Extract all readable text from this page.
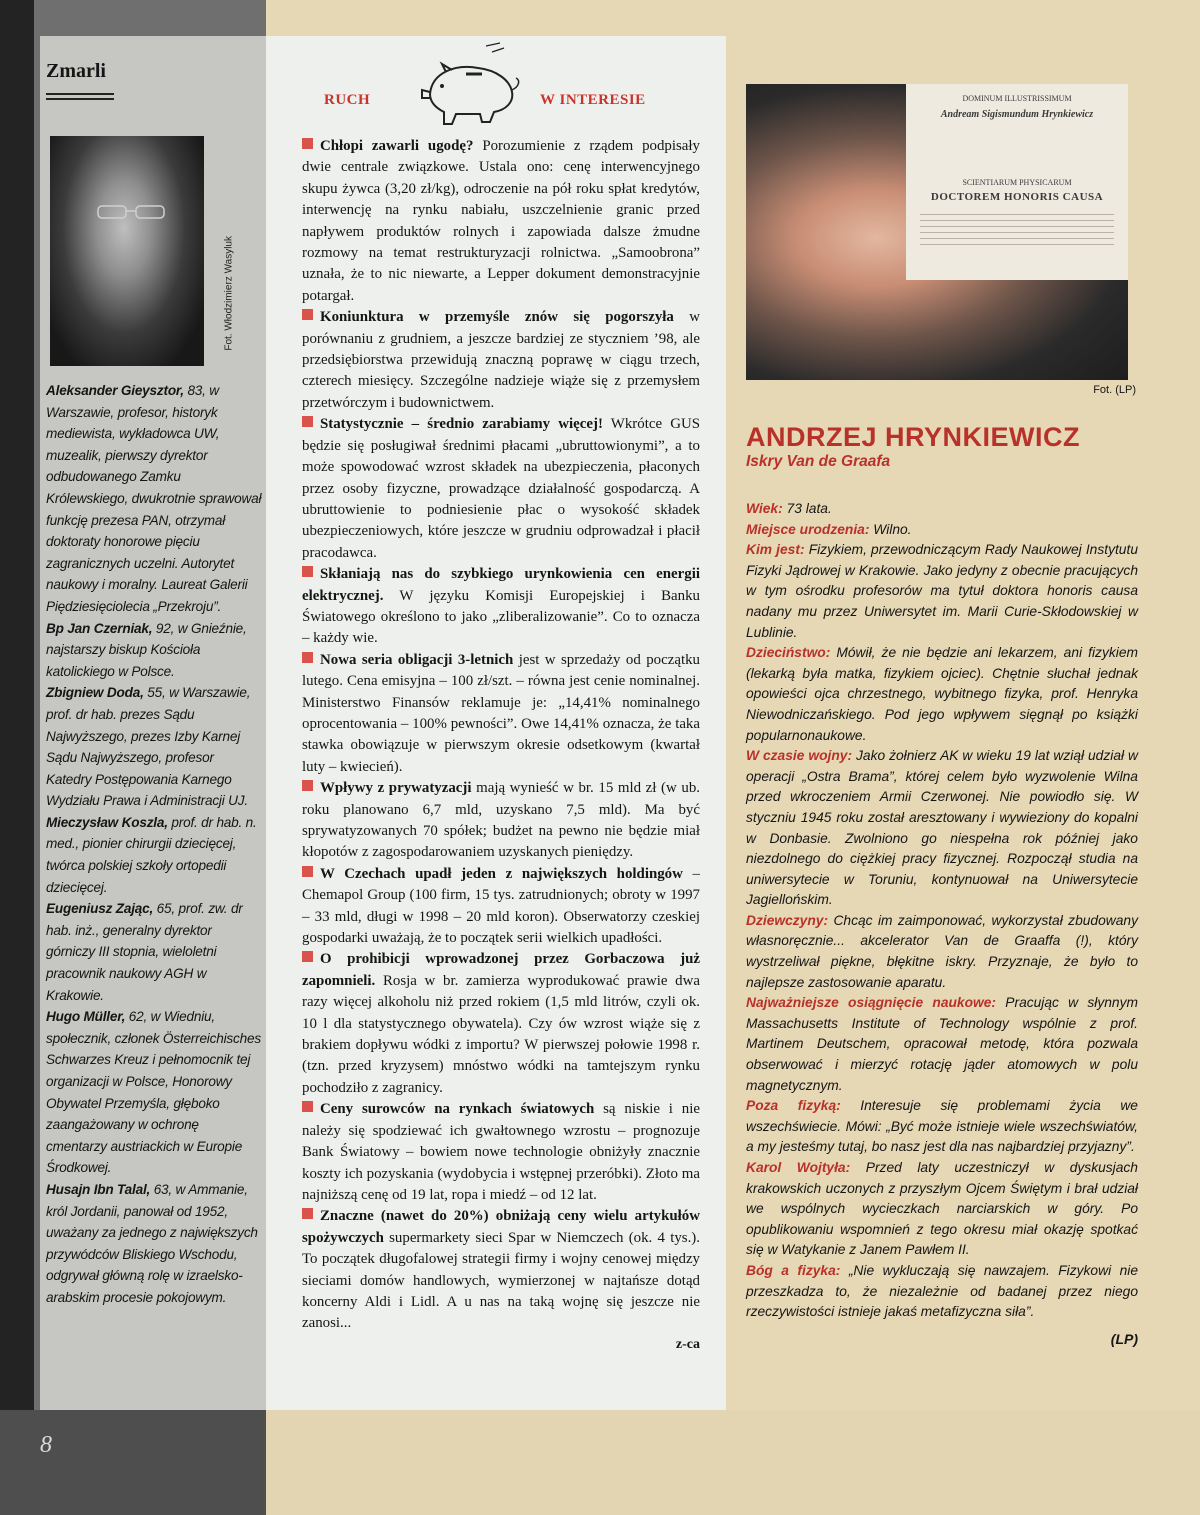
Zmarli
Fot. Włodzimierz Wasyluk

Aleksander Gieysztor, 83, w Warszawie, profesor, historyk mediewista, wykładowca UW, muzealik, pierwszy dyrektor odbudowanego Zamku Królewskiego, dwukrotnie sprawował funkcję prezesa PAN, otrzymał doktoraty honorowe pięciu zagranicznych uczelni. Autorytet naukowy i moralny. Laureat Galerii Piędziesięciolecia „Przekroju”.

Bp Jan Czerniak, 92, w Gnieźnie, najstarszy biskup Kościoła katolickiego w Polsce.

Zbigniew Doda, 55, w Warszawie, prof. dr hab. prezes Sądu Najwyższego, prezes Izby Karnej Sądu Najwyższego, profesor Katedry Postępowania Karnego Wydziału Prawa i Administracji UJ.

Mieczysław Koszla, prof. dr hab. n. med., pionier chirurgii dziecięcej, twórca polskiej szkoły ortopedii dziecięcej.

Eugeniusz Zając, 65, prof. zw. dr hab. inż., generalny dyrektor górniczy III stopnia, wieloletni pracownik naukowy AGH w Krakowie.

Hugo Müller, 62, w Wiedniu, społecznik, członek Österreichisches Schwarzes Kreuz i pełnomocnik tej organizacji w Polsce, Honorowy Obywatel Przemyśla, głęboko zaangażowany w ochronę cmentarzy austriackich w Europie Środkowej.

Husajn Ibn Talal, 63, w Ammanie, król Jordanii, panował od 1952, uważany za jednego z największych przywódców Bliskiego Wschodu, odgrywał główną rolę w izraelsko-arabskim procesie pokojowym.

RUCH	W INTERESIE

Chłopi zawarli ugodę? Porozumienie z rządem podpisały dwie centrale związkowe. Ustala ono: cenę interwencyjnego skupu żywca (3,20 zł/kg), odroczenie na pół roku spłat kredytów, interwencję na rynku nabiału, uszczelnienie granic przed napływem produktów rolnych i zapowiada dalsze żmudne rozmowy na temat restrukturyzacji rolnictwa. „Samoobrona” uznała, że to nic niewarte, a Lepper dokument demonstracyjnie potargał.

Koniunktura w przemyśle znów się pogorszyła w porównaniu z grudniem, a jeszcze bardziej ze styczniem ’98, ale przedsiębiorstwa przewidują znaczną poprawę w ciągu trzech, czterech miesięcy. Szczególne nadzieje wiąże się z przemysłem przetwórczym i budownictwem.

Statystycznie – średnio zarabiamy więcej! Wkrótce GUS będzie się posługiwał średnimi płacami „ubruttowionymi”, a to może spowodować wzrost składek na ubezpieczenia, płaconych przez osoby fizyczne, prowadzące działalność gospodarczą. A ubruttowienie to podniesienie płac o wysokość składek ubezpieczeniowych, które jeszcze w grudniu odprowadzał i płacił pracodawca.

Skłaniają nas do szybkiego urynkowienia cen energii elektrycznej. W języku Komisji Europejskiej i Banku Światowego określono to jako „zliberalizowanie”. Co to oznacza – każdy wie.

Nowa seria obligacji 3-letnich jest w sprzedaży od początku lutego. Cena emisyjna – 100 zł/szt. – równa jest cenie nominalnej. Ministerstwo Finansów reklamuje je: „14,41% nominalnego oprocentowania – 100% pewności”. Owe 14,41% oznacza, że taka stawka obowiązuje w pierwszym okresie odsetkowym (kwartał luty – kwiecień).

Wpływy z prywatyzacji mają wynieść w br. 15 mld zł (w ub. roku planowano 6,7 mld, uzyskano 7,5 mld). Ma być sprywatyzowanych 70 spółek; budżet na pewno nie będzie miał kłopotów z zagospodarowaniem uzyskanych pieniędzy.

W Czechach upadł jeden z największych holdingów – Chemapol Group (100 firm, 15 tys. zatrudnionych; obroty w 1997 – 33 mld, długi w 1998 – 20 mld koron). Obserwatorzy czeskiej gospodarki uważają, że to początek serii wielkich upadłości.

O prohibicji wprowadzonej przez Gorbaczowa już zapomnieli. Rosja w br. zamierza wyprodukować prawie dwa razy więcej alkoholu niż przed rokiem (1,5 mld litrów, czyli ok. 10 l dla statystycznego obywatela). Czy ów wzrost wiąże się z brakiem dopływu wódki z importu? W pierwszej połowie 1998 r. (tzn. przed kryzysem) mnóstwo wódki na tamtejszym rynku pochodziło z zagranicy.

Ceny surowców na rynkach światowych są niskie i nie należy się spodziewać ich gwałtownego wzrostu – prognozuje Bank Światowy – bowiem nowe technologie obniżyły znacznie koszty ich pozyskania (wydobycia i wstępnej przeróbki). Złoto ma najniższą cenę od 19 lat, ropa i miedź – od 12 lat.

Znaczne (nawet do 20%) obniżają ceny wielu artykułów spożywczych supermarkety sieci Spar w Niemczech (ok. 4 tys.). To początek długofalowej strategii firmy i wojny cenowej między sieciami domów handlowych, wymierzonej w najtańsze dotąd koncerny Aldi i Lidl. A u nas na taką wojnę się jeszcze nie zanosi...

z-ca
DOMINUM ILLUSTRISSIMUM
Andream Sigismundum Hrynkiewicz
SCIENTIARUM PHYSICARUM
DOCTOREM HONORIS CAUSA
Fot. (LP)
ANDRZEJ HRYNKIEWICZ
Iskry Van de Graafa

Wiek: 73 lata.

Miejsce urodzenia: Wilno.

Kim jest: Fizykiem, przewodniczącym Rady Naukowej Instytutu Fizyki Jądrowej w Krakowie. Jako jedyny z obecnie pracujących w tym ośrodku profesorów ma tytuł doktora honoris causa nadany mu przez Uniwersytet im. Marii Curie-Skłodowskiej w Lublinie.

Dzieciństwo: Mówił, że nie będzie ani lekarzem, ani fizykiem (lekarką była matka, fizykiem ojciec). Chętnie słuchał jednak opowieści ojca chrzestnego, wybitnego fizyka, prof. Henryka Niewodniczańskiego. Pod jego wpływem sięgnął po książki popularnonaukowe.

W czasie wojny: Jako żołnierz AK w wieku 19 lat wziął udział w operacji „Ostra Brama”, której celem było wyzwolenie Wilna przed wkroczeniem Armii Czerwonej. Nie powiodło się. W styczniu 1945 roku został aresztowany i wywieziony do kopalni w Donbasie. Zwolniono go niespełna rok później jako niezdolnego do ciężkiej pracy fizycznej. Rozpoczął studia na uniwersytecie w Toruniu, kontynuował na Uniwersytecie Jagiellońskim.

Dziewczyny: Chcąc im zaimponować, wykorzystał zbudowany własnoręcznie... akcelerator Van de Graaffa (!), który wystrzeliwał piękne, błękitne iskry. Przyznaje, że było to najlepsze zastosowanie aparatu.

Najważniejsze osiągnięcie naukowe: Pracując w słynnym Massachusetts Institute of Technology wspólnie z prof. Martinem Deutschem, opracował metodę, która pozwala obserwować i mierzyć rotację jąder atomowych w polu magnetycznym.

Poza fizyką: Interesuje się problemami życia we wszechświecie. Mówi: „Być może istnieje wiele wszechświatów, a my jesteśmy tutaj, bo nasz jest dla nas najbardziej przyjazny”.

Karol Wojtyła: Przed laty uczestniczył w dyskusjach krakowskich uczonych z przyszłym Ojcem Świętym i brał udział we wspólnych wycieczkach narciarskich w góry. Po opublikowaniu wspomnień z tego okresu miał okazję spotkać się w Watykanie z Janem Pawłem II.

Bóg a fizyka: „Nie wykluczają się nawzajem. Fizykowi nie przeszkadza to, że niezależnie od badanej przez niego rzeczywistości istnieje jakaś metafizyczna siła”.

(LP)
8
